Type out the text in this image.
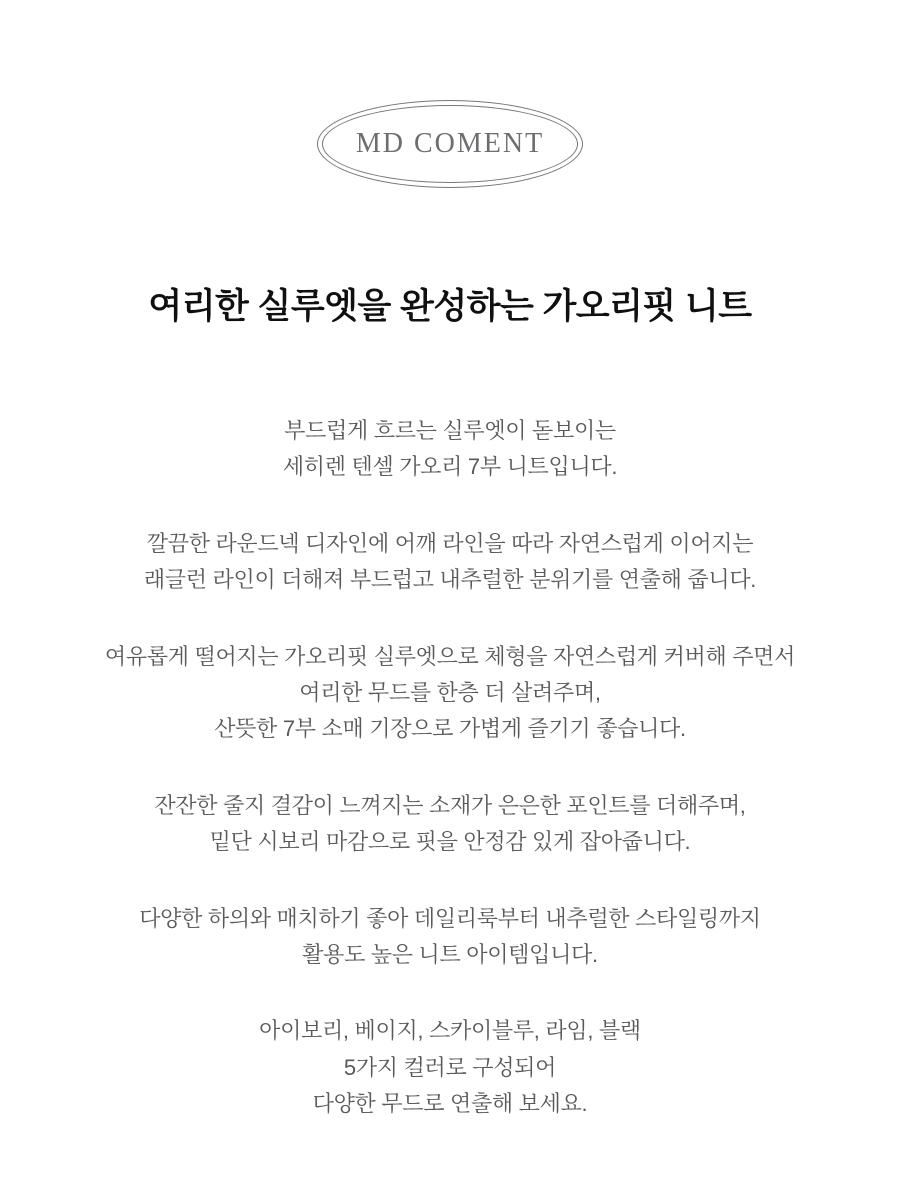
MD COMENT
여리한 실루엣을 완성하는 가오리핏 니트

부드럽게 흐르는 실루엣이 돋보이는
세히렌 텐셀 가오리 7부 니트입니다.

깔끔한 라운드넥 디자인에 어깨 라인을 따라 자연스럽게 이어지는
래글런 라인이 더해져 부드럽고 내추럴한 분위기를 연출해 줍니다.

여유롭게 떨어지는 가오리핏 실루엣으로 체형을 자연스럽게 커버해 주면서
여리한 무드를 한층 더 살려주며,
산뜻한 7부 소매 기장으로 가볍게 즐기기 좋습니다.

잔잔한 줄지 결감이 느껴지는 소재가 은은한 포인트를 더해주며,
밑단 시보리 마감으로 핏을 안정감 있게 잡아줍니다.

다양한 하의와 매치하기 좋아 데일리룩부터 내추럴한 스타일링까지
활용도 높은 니트 아이템입니다.

아이보리, 베이지, 스카이블루, 라임, 블랙
5가지 컬러로 구성되어
다양한 무드로 연출해 보세요.
